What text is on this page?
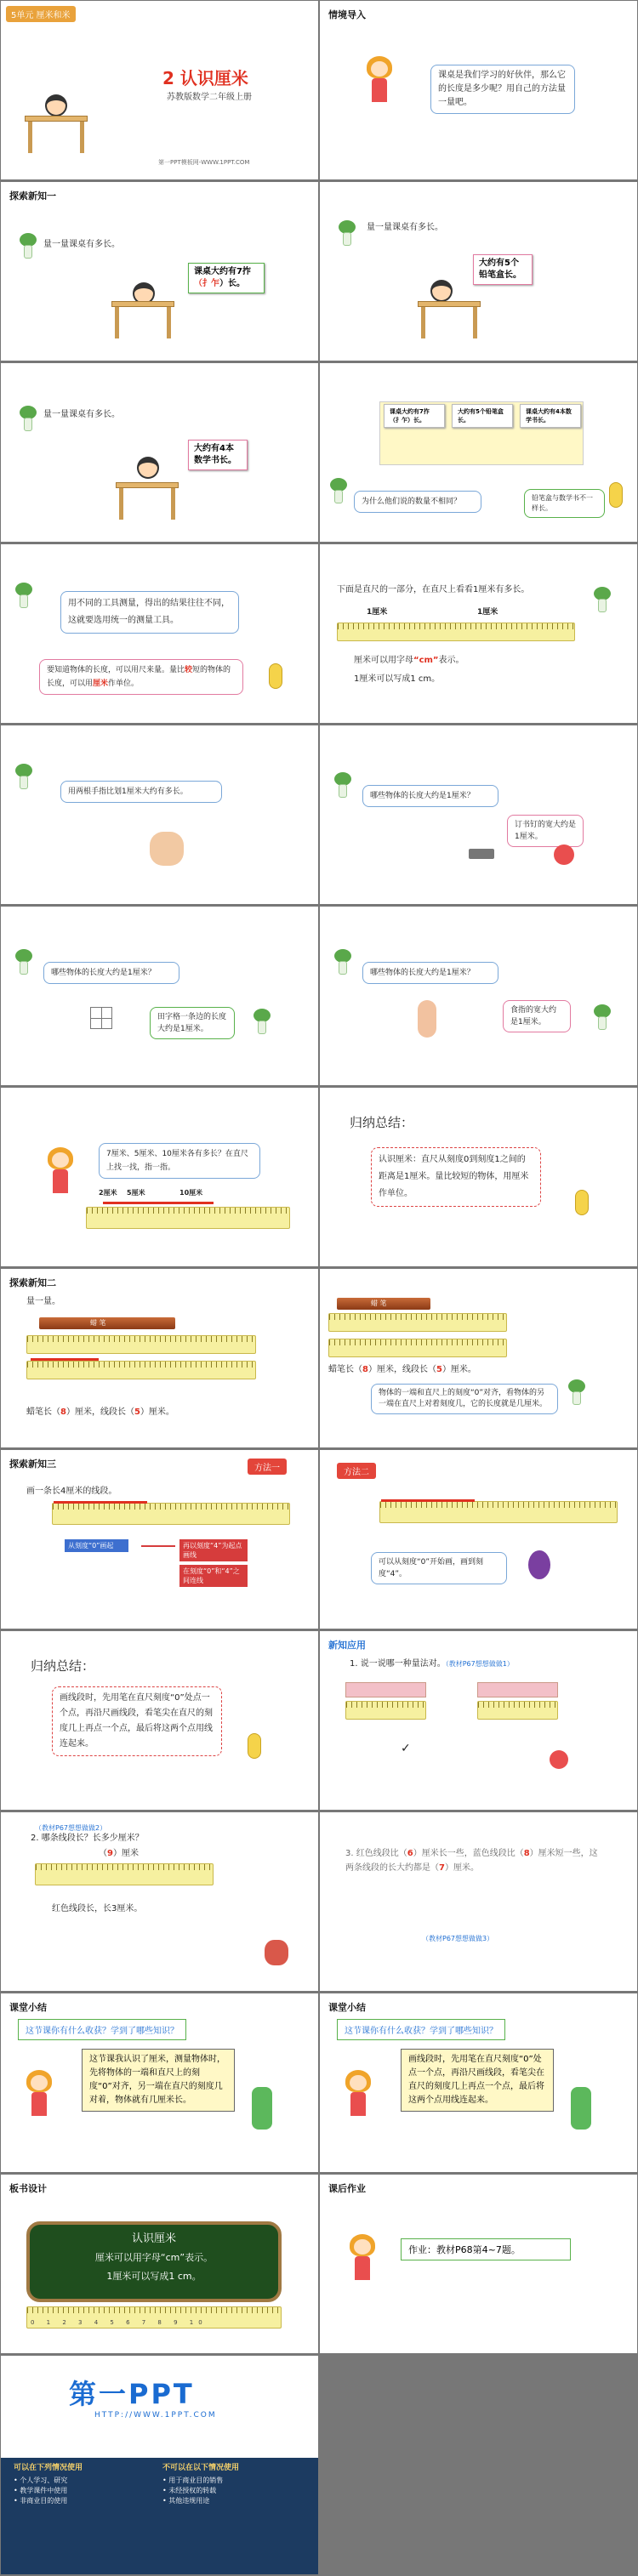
5单元 厘米和米
2 认识厘米
苏教版数学二年级上册
第一PPT模板网-WWW.1PPT.COM
情境导入
课桌是我们学习的好伙伴，那么它的长度是多少呢？用自己的方法量一量吧。
探索新知一
量一量课桌有多长。
课桌大约有7拃（扌乍）长。
量一量课桌有多长。
大约有5个铅笔盒长。
量一量课桌有多长。
大约有4本数学书长。
课桌大约有7拃（扌乍）长。
大约有5个铅笔盒长。
课桌大约有4本数学书长。
为什么他们说的数量不相同？	铅笔盒与数学书不一样长。
用不同的工具测量，得出的结果往往不同，这就要选用统一的测量工具。
要知道物体的长度，可以用尺来量。量比较短的物体的长度，可以用厘米作单位。
下面是直尺的一部分，在直尺上看看1厘米有多长。
1厘米	1厘米
厘米可以用字母“cm”表示。
1厘米可以写成1 cm。
用两根手指比划1厘米大约有多长。	哪些物体的长度大约是1厘米？
订书钉的宽大约是1厘米。
哪些物体的长度大约是1厘米？
田字格一条边的长度大约是1厘米。
哪些物体的长度大约是1厘米？
食指的宽大约是1厘米。
7厘米、5厘米、10厘米各有多长？在直尺上找一找，指一指。
2厘米 5厘米	10厘米
归纳总结：
认识厘米：直尺从刻度0到刻度1之间的距离是1厘米。量比较短的物体，用厘米作单位。
探索新知二
量一量。
蜡 笔
蜡笔长（8）厘米，线段长（5）厘米。
蜡 笔
蜡笔长（8）厘米，线段长（5）厘米。
物体的一端和直尺上的刻度“0”对齐，看物体的另一端在直尺上对着刻度几，它的长度就是几厘米。
探索新知三	方法一
画一条长4厘米的线段。
从刻度“0”画起	再以刻度“4”为起点画线
在刻度“0”和“4”之间连线
方法二
可以从刻度“0”开始画，画到刻度“4”。
归纳总结：
画线段时，先用笔在直尺刻度“0”处点一个点，再沿尺画线段，看笔尖在直尺的刻度几上再点一个点，最后将这两个点用线连起来。
新知应用
1. 说一说哪一种量法对。（教材P67想想做做1）
✓
（教材P67想想做做2）
2. 哪条线段长？长多少厘米？
（9）厘米
红色线段长，长3厘米。
3. 红色线段比（6）厘米长一些，蓝色线段比（8）厘米短一些，这两条线段的长大约都是（7）厘米。
（教材P67想想做做3）
课堂小结
这节课你有什么收获？学到了哪些知识？
这节课我认识了厘米，测量物体时，先将物体的一端和直尺上的刻度“0”对齐，另一端在直尺的刻度几对着，物体就有几厘米长。
课堂小结
这节课你有什么收获？学到了哪些知识？
画线段时，先用笔在直尺刻度“0”处点一个点，再沿尺画线段，看笔尖在直尺的刻度几上再点一个点，最后将这两个点用线连起来。
板书设计
认识厘米
厘米可以用字母“cm”表示。
1厘米可以写成1 cm。
0 1 2 3 4 5 6 7 8 9 10
课后作业
作业：教材P68第4~7题。
第一PPT
HTTP://WWW.1PPT.COM
可以在下列情况使用
• 个人学习、研究
• 教学课件中使用
• 非商业目的使用
不可以在以下情况使用
• 用于商业目的销售
• 未经授权的转载
• 其他违规用途
